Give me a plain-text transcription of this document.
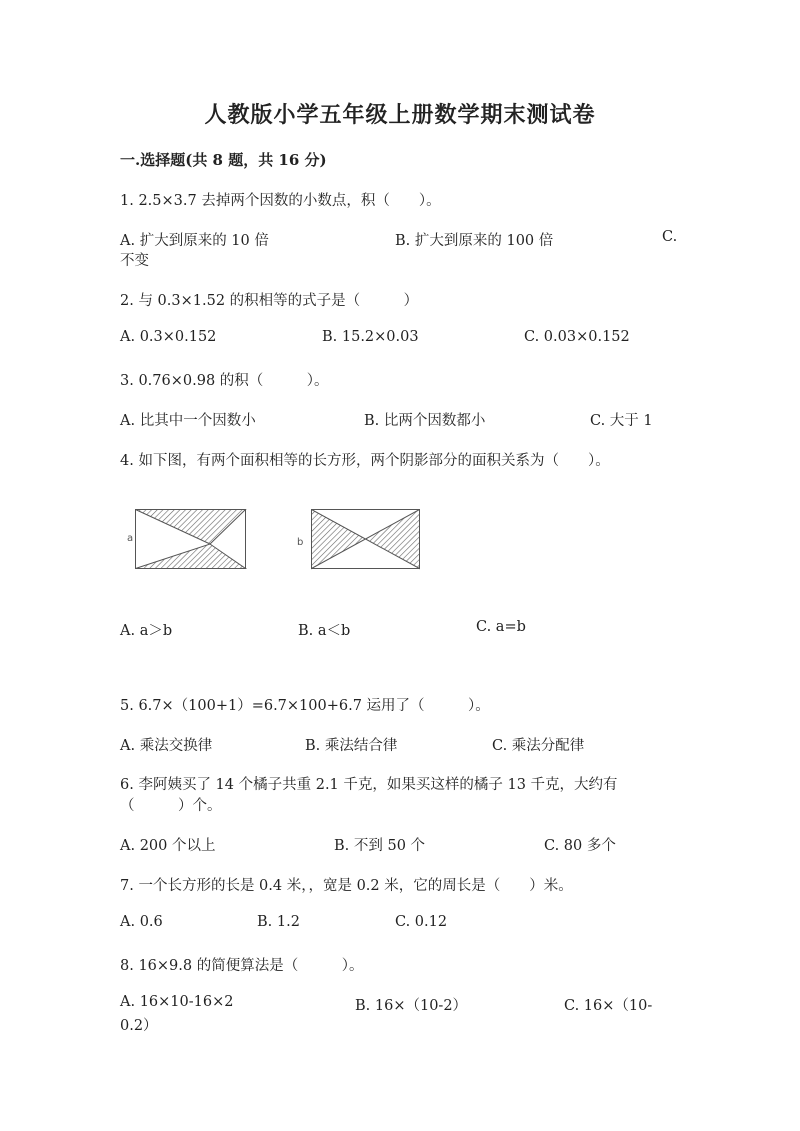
人教版小学五年级上册数学期末测试卷
一.选择题(共 8 题，共 16 分)
1. 2.5×3.7 去掉两个因数的小数点，积（　　）。
A. 扩大到原来的 10 倍	B. 扩大到原来的 100 倍	C.
不变
2. 与 0.3×1.52 的积相等的式子是（　　　）
A. 0.3×0.152	B. 15.2×0.03	C. 0.03×0.152
3. 0.76×0.98 的积（　　　）。
A. 比其中一个因数小	B. 比两个因数都小	C. 大于 1
4. 如下图，有两个面积相等的长方形，两个阴影部分的面积关系为（　　）。
a	b
A. a＞b	B. a＜b	C. a=b
5. 6.7×（100+1）=6.7×100+6.7 运用了（　　　）。
A. 乘法交换律	B. 乘法结合律	C. 乘法分配律
6. 李阿姨买了 14 个橘子共重 2.1 千克，如果买这样的橘子 13 千克，大约有
（　　　）个。
A. 200 个以上	B. 不到 50 个	C. 80 多个
7. 一个长方形的长是 0.4 米，，宽是 0.2 米，它的周长是（　　）米。
A. 0.6	B. 1.2	C. 0.12
8. 16×9.8 的简便算法是（　　　）。
A. 16×10-16×2	B. 16×（10-2）	C. 16×（10-
0.2）
